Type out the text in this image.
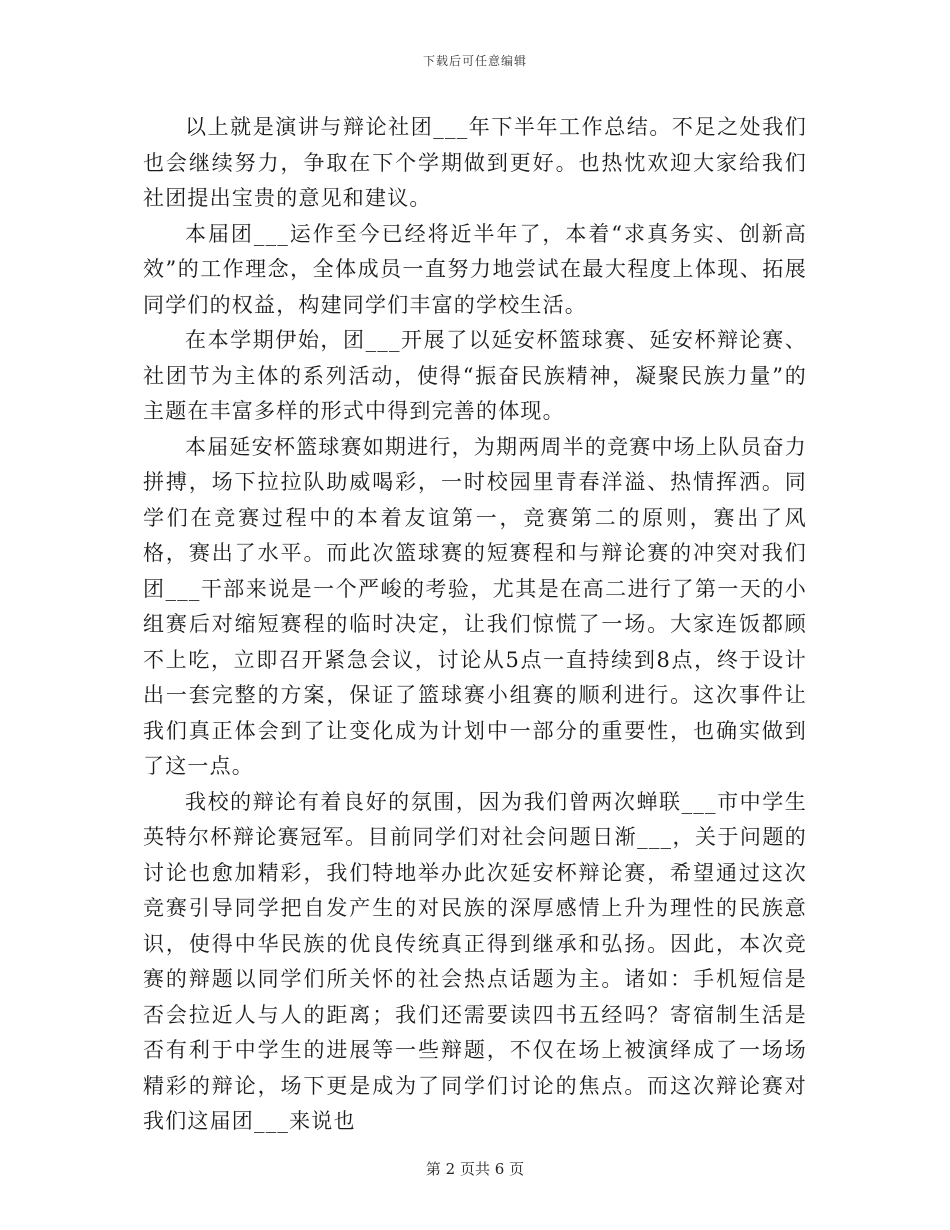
下载后可任意编辑

以上就是演讲与辩论社团___年下半年工作总结。不足之处我们也会继续努力，争取在下个学期做到更好。也热忱欢迎大家给我们社团提出宝贵的意见和建议。

本届团___运作至今已经将近半年了，本着“求真务实、创新高效”的工作理念，全体成员一直努力地尝试在最大程度上体现、拓展同学们的权益，构建同学们丰富的学校生活。

在本学期伊始，团___开展了以延安杯篮球赛、延安杯辩论赛、社团节为主体的系列活动，使得“振奋民族精神，凝聚民族力量”的主题在丰富多样的形式中得到完善的体现。

本届延安杯篮球赛如期进行，为期两周半的竞赛中场上队员奋力拼搏，场下拉拉队助威喝彩，一时校园里青春洋溢、热情挥洒。同学们在竞赛过程中的本着友谊第一，竞赛第二的原则，赛出了风格，赛出了水平。而此次篮球赛的短赛程和与辩论赛的冲突对我们团___干部来说是一个严峻的考验，尤其是在高二进行了第一天的小组赛后对缩短赛程的临时决定，让我们惊慌了一场。大家连饭都顾不上吃，立即召开紧急会议，讨论从5点一直持续到8点，终于设计出一套完整的方案，保证了篮球赛小组赛的顺利进行。这次事件让我们真正体会到了让变化成为计划中一部分的重要性，也确实做到了这一点。

我校的辩论有着良好的氛围，因为我们曾两次蝉联___市中学生英特尔杯辩论赛冠军。目前同学们对社会问题日渐___，关于问题的讨论也愈加精彩，我们特地举办此次延安杯辩论赛，希望通过这次竞赛引导同学把自发产生的对民族的深厚感情上升为理性的民族意识，使得中华民族的优良传统真正得到继承和弘扬。因此，本次竞赛的辩题以同学们所关怀的社会热点话题为主。诸如：手机短信是否会拉近人与人的距离；我们还需要读四书五经吗？寄宿制生活是否有利于中学生的进展等一些辩题，不仅在场上被演绎成了一场场精彩的辩论，场下更是成为了同学们讨论的焦点。而这次辩论赛对我们这届团___来说也

第 2 页共 6 页
